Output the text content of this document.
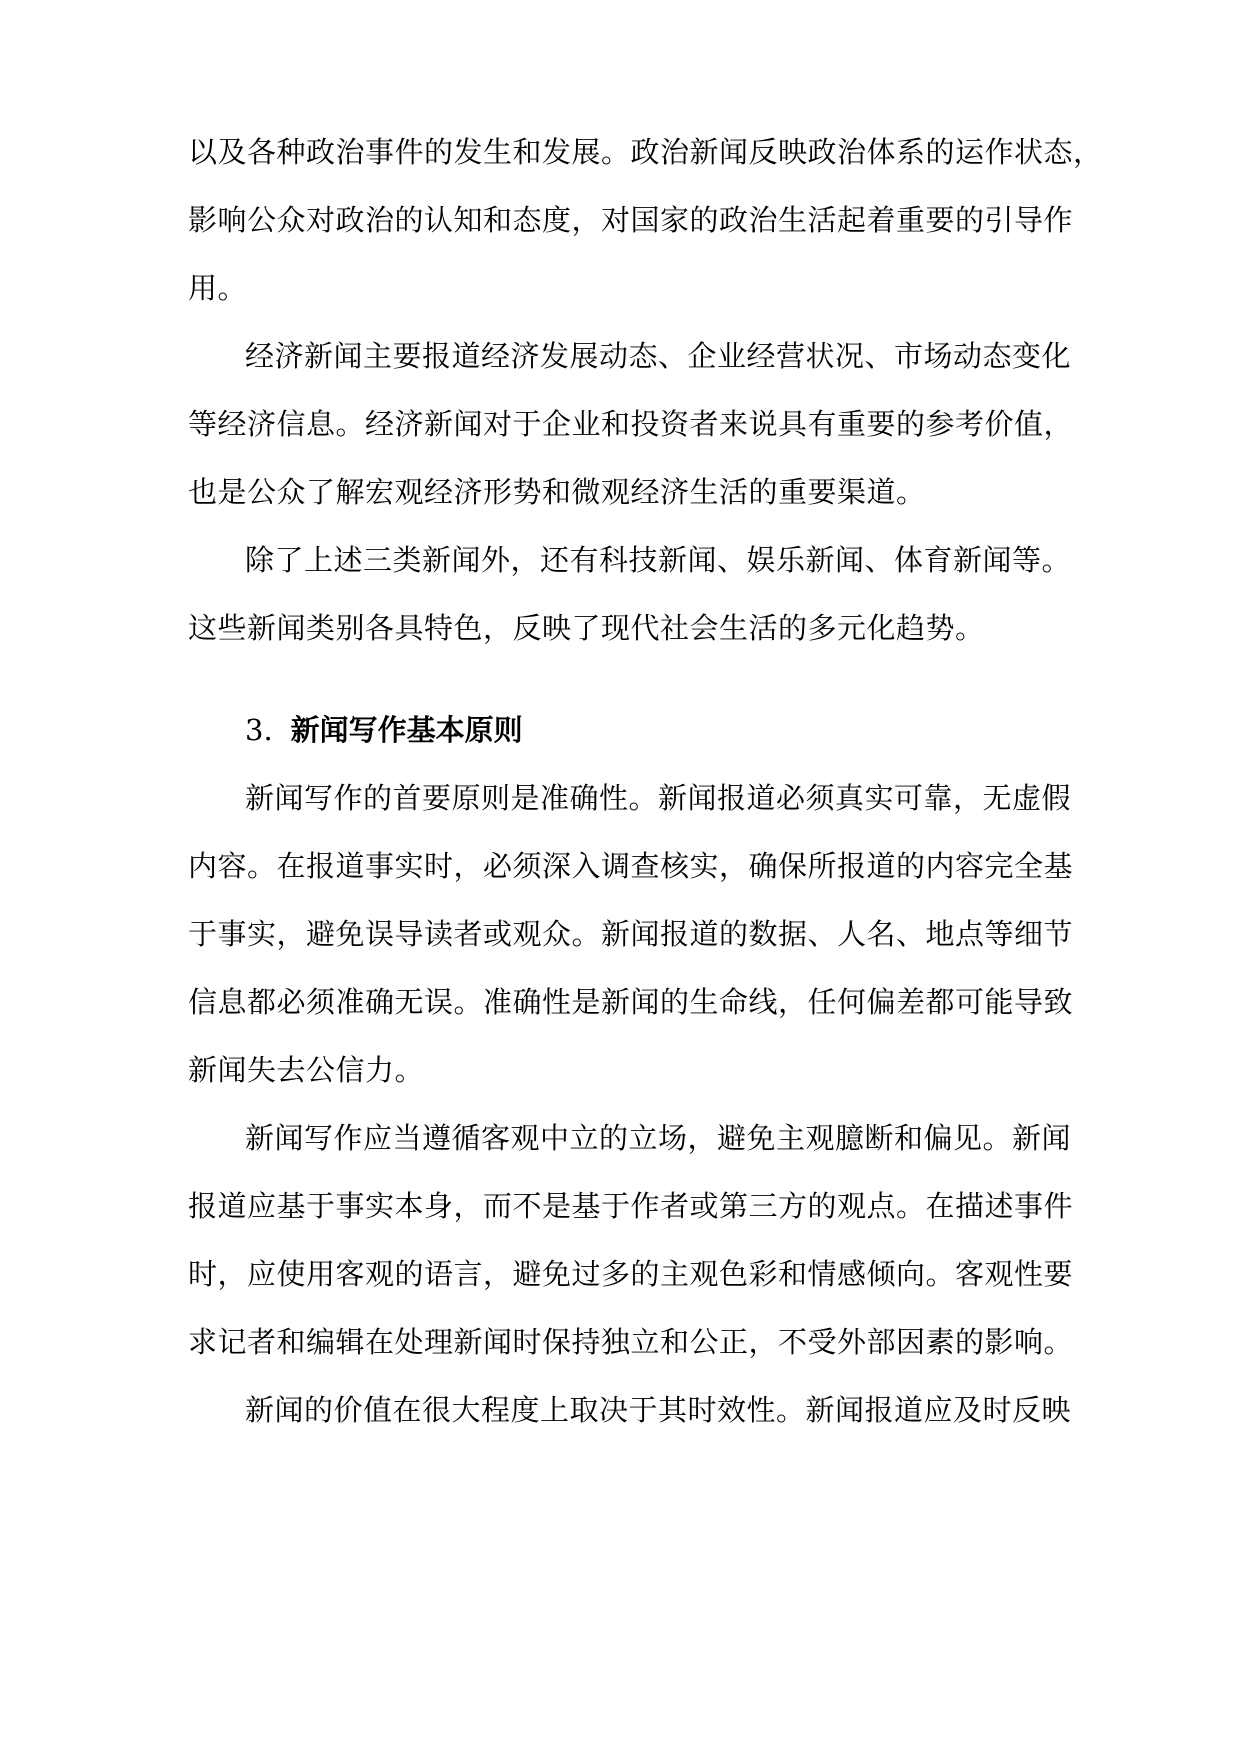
以及各种政治事件的发生和发展。政治新闻反映政治体系的运作状态，
影响公众对政治的认知和态度，对国家的政治生活起着重要的引导作
用。
经济新闻主要报道经济发展动态、企业经营状况、市场动态变化
等经济信息。经济新闻对于企业和投资者来说具有重要的参考价值，
也是公众了解宏观经济形势和微观经济生活的重要渠道。
除了上述三类新闻外，还有科技新闻、娱乐新闻、体育新闻等。
这些新闻类别各具特色，反映了现代社会生活的多元化趋势。
3. 新闻写作基本原则
新闻写作的首要原则是准确性。新闻报道必须真实可靠，无虚假
内容。在报道事实时，必须深入调查核实，确保所报道的内容完全基
于事实，避免误导读者或观众。新闻报道的数据、人名、地点等细节
信息都必须准确无误。准确性是新闻的生命线，任何偏差都可能导致
新闻失去公信力。
新闻写作应当遵循客观中立的立场，避免主观臆断和偏见。新闻
报道应基于事实本身，而不是基于作者或第三方的观点。在描述事件
时，应使用客观的语言，避免过多的主观色彩和情感倾向。客观性要
求记者和编辑在处理新闻时保持独立和公正，不受外部因素的影响。
新闻的价值在很大程度上取决于其时效性。新闻报道应及时反映
